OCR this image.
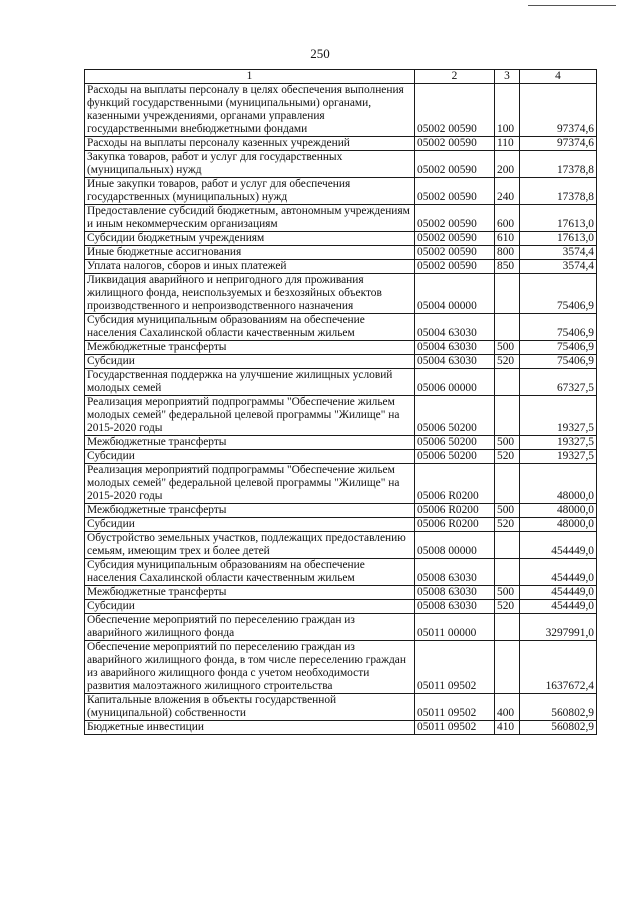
250
1	2	3	4
Расходы на выплаты персоналу в целях обеспечения выполнения функций государственными (муниципальными) органами, казенными учреждениями, органами управления государственными внебюджетными фондами	05002 00590	100	97374,6
Расходы на выплаты персоналу казенных учреждений	05002 00590	110	97374,6
Закупка товаров, работ и услуг для государственных (муниципальных) нужд	05002 00590	200	17378,8
Иные закупки товаров, работ и услуг для обеспечения государственных (муниципальных) нужд	05002 00590	240	17378,8
Предоставление субсидий бюджетным, автономным учреждениям и иным некоммерческим организациям	05002 00590	600	17613,0
Субсидии бюджетным учреждениям	05002 00590	610	17613,0
Иные бюджетные ассигнования	05002 00590	800	3574,4
Уплата налогов, сборов и иных платежей	05002 00590	850	3574,4
Ликвидация аварийного и непригодного для проживания жилищного фонда, неиспользуемых и безхозяйных объектов производственного и непроизводственного назначения	05004 00000		75406,9
Субсидия муниципальным образованиям на обеспечение населения Сахалинской области качественным жильем	05004 63030		75406,9
Межбюджетные трансферты	05004 63030	500	75406,9
Субсидии	05004 63030	520	75406,9
Государственная поддержка на улучшение жилищных условий молодых семей	05006 00000		67327,5
Реализация мероприятий подпрограммы "Обеспечение жильем молодых семей" федеральной целевой программы "Жилище" на 2015-2020 годы	05006 50200		19327,5
Межбюджетные трансферты	05006 50200	500	19327,5
Субсидии	05006 50200	520	19327,5
Реализация мероприятий подпрограммы "Обеспечение жильем молодых семей" федеральной целевой программы "Жилище" на 2015-2020 годы	05006 R0200		48000,0
Межбюджетные трансферты	05006 R0200	500	48000,0
Субсидии	05006 R0200	520	48000,0
Обустройство земельных участков, подлежащих предоставлению семьям, имеющим трех и более детей	05008 00000		454449,0
Субсидия муниципальным образованиям на обеспечение населения Сахалинской области качественным жильем	05008 63030		454449,0
Межбюджетные трансферты	05008 63030	500	454449,0
Субсидии	05008 63030	520	454449,0
Обеспечение мероприятий по переселению граждан из аварийного жилищного фонда	05011 00000		3297991,0
Обеспечение мероприятий по переселению граждан из аварийного жилищного фонда, в том числе переселению граждан из аварийного жилищного фонда с учетом необходимости развития малоэтажного жилищного строительства	05011 09502		1637672,4
Капитальные вложения в объекты государственной (муниципальной) собственности	05011 09502	400	560802,9
Бюджетные инвестиции	05011 09502	410	560802,9
